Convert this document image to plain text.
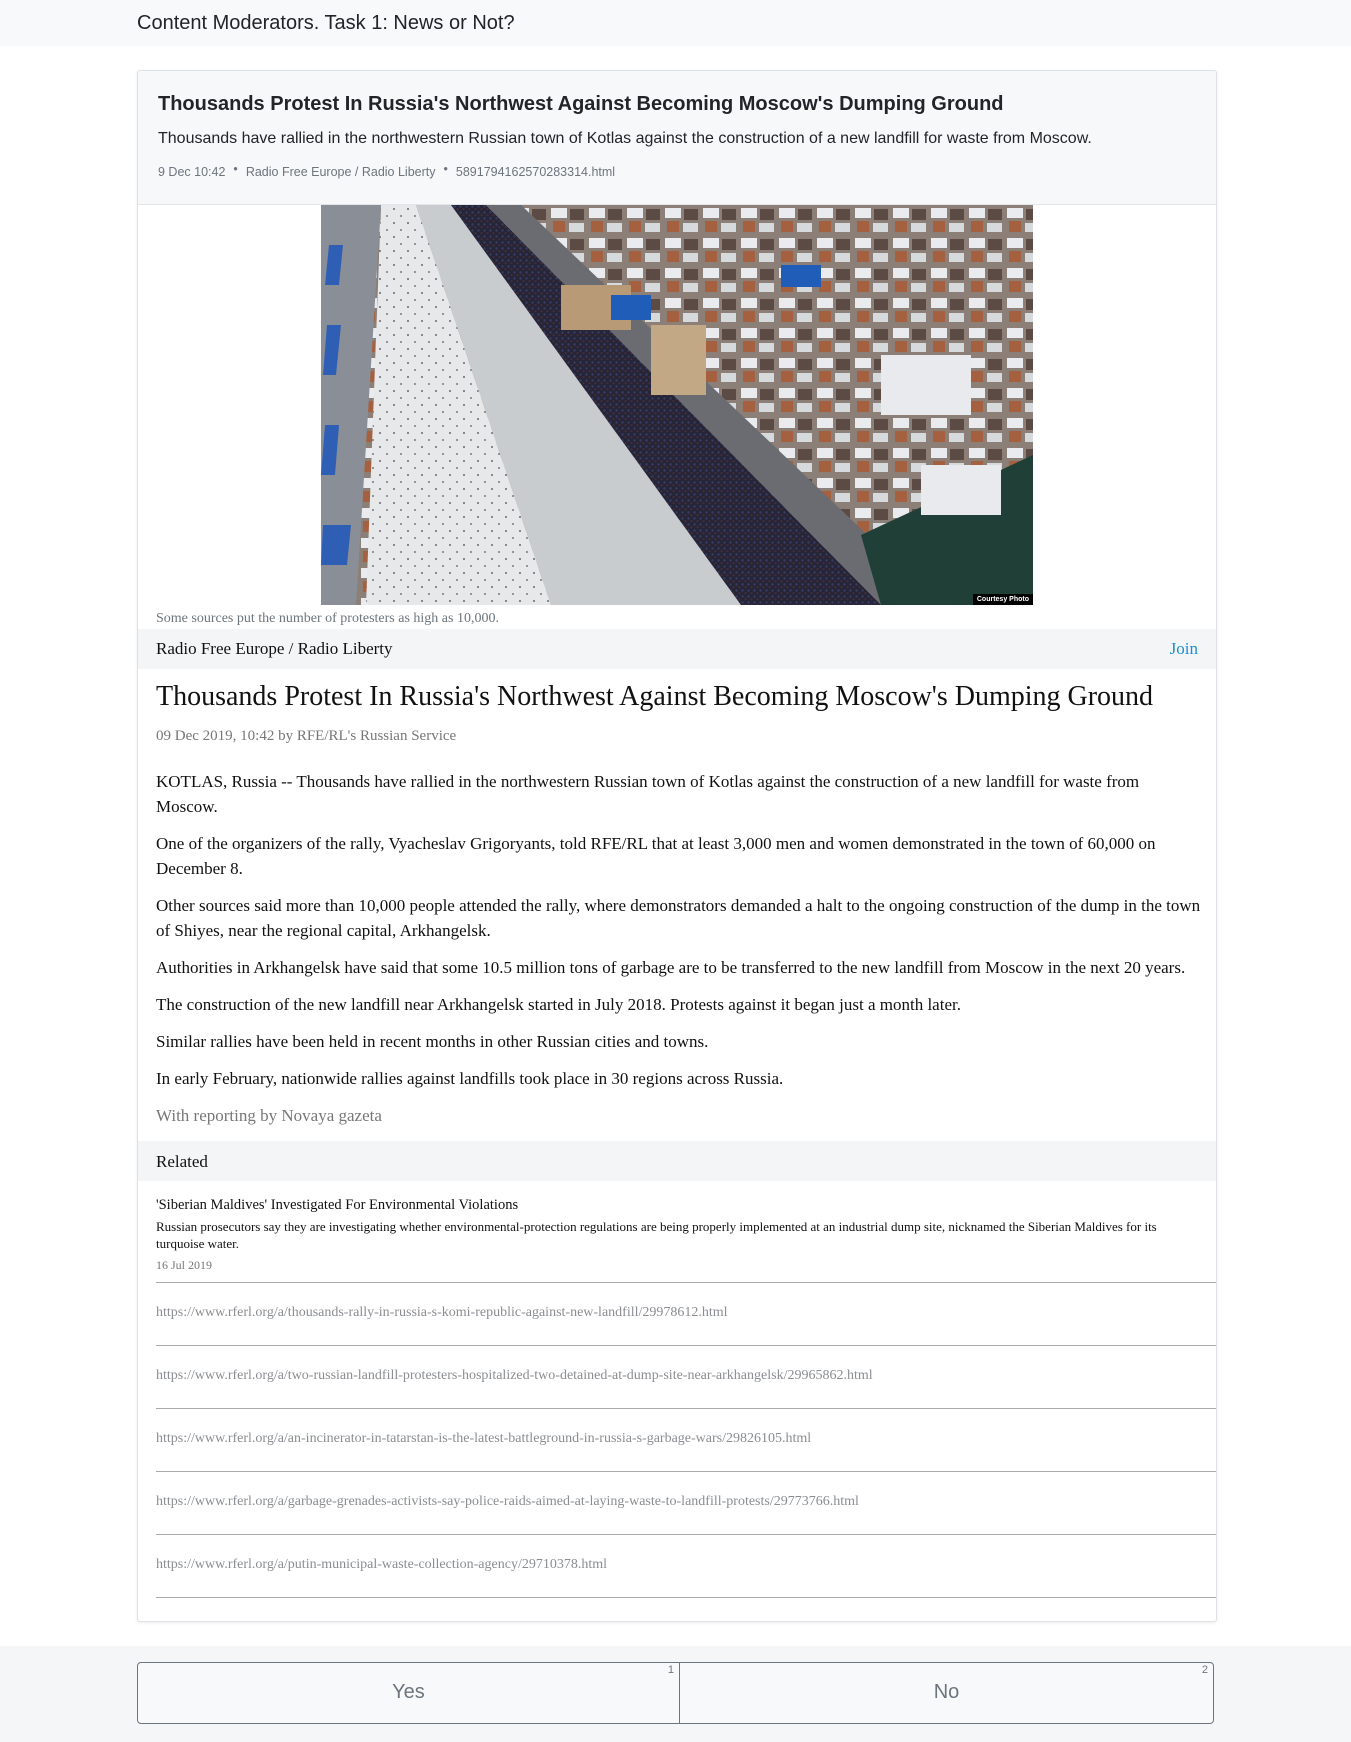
Content Moderators. Task 1: News or Not?
Thousands Protest In Russia's Northwest Against Becoming Moscow's Dumping Ground
Thousands have rallied in the northwestern Russian town of Kotlas against the construction of a new landfill for waste from Moscow.
9 Dec 10:42 • Radio Free Europe / Radio Liberty • 5891794162570283314.html
Courtesy Photo
Some sources put the number of protesters as high as 10,000.
Radio Free Europe / Radio Liberty	Join
Thousands Protest In Russia's Northwest Against Becoming Moscow's Dumping Ground
09 Dec 2019, 10:42 by RFE/RL's Russian Service

KOTLAS, Russia -- Thousands have rallied in the northwestern Russian town of Kotlas against the construction of a new landfill for waste from Moscow.

One of the organizers of the rally, Vyacheslav Grigoryants, told RFE/RL that at least 3,000 men and women demonstrated in the town of 60,000 on December 8.

Other sources said more than 10,000 people attended the rally, where demonstrators demanded a halt to the ongoing construction of the dump in the town of Shiyes, near the regional capital, Arkhangelsk.

Authorities in Arkhangelsk have said that some 10.5 million tons of garbage are to be transferred to the new landfill from Moscow in the next 20 years.

The construction of the new landfill near Arkhangelsk started in July 2018. Protests against it began just a month later.

Similar rallies have been held in recent months in other Russian cities and towns.

In early February, nationwide rallies against landfills took place in 30 regions across Russia.

With reporting by Novaya gazeta

Related
'Siberian Maldives' Investigated For Environmental Violations
Russian prosecutors say they are investigating whether environmental-protection regulations are being properly implemented at an industrial dump site, nicknamed the Siberian Maldives for its turquoise water.
16 Jul 2019
https://www.rferl.org/a/thousands-rally-in-russia-s-komi-republic-against-new-landfill/29978612.html
https://www.rferl.org/a/two-russian-landfill-protesters-hospitalized-two-detained-at-dump-site-near-arkhangelsk/29965862.html
https://www.rferl.org/a/an-incinerator-in-tatarstan-is-the-latest-battleground-in-russia-s-garbage-wars/29826105.html
https://www.rferl.org/a/garbage-grenades-activists-say-police-raids-aimed-at-laying-waste-to-landfill-protests/29773766.html
https://www.rferl.org/a/putin-municipal-waste-collection-agency/29710378.html
1
Yes
2
No
